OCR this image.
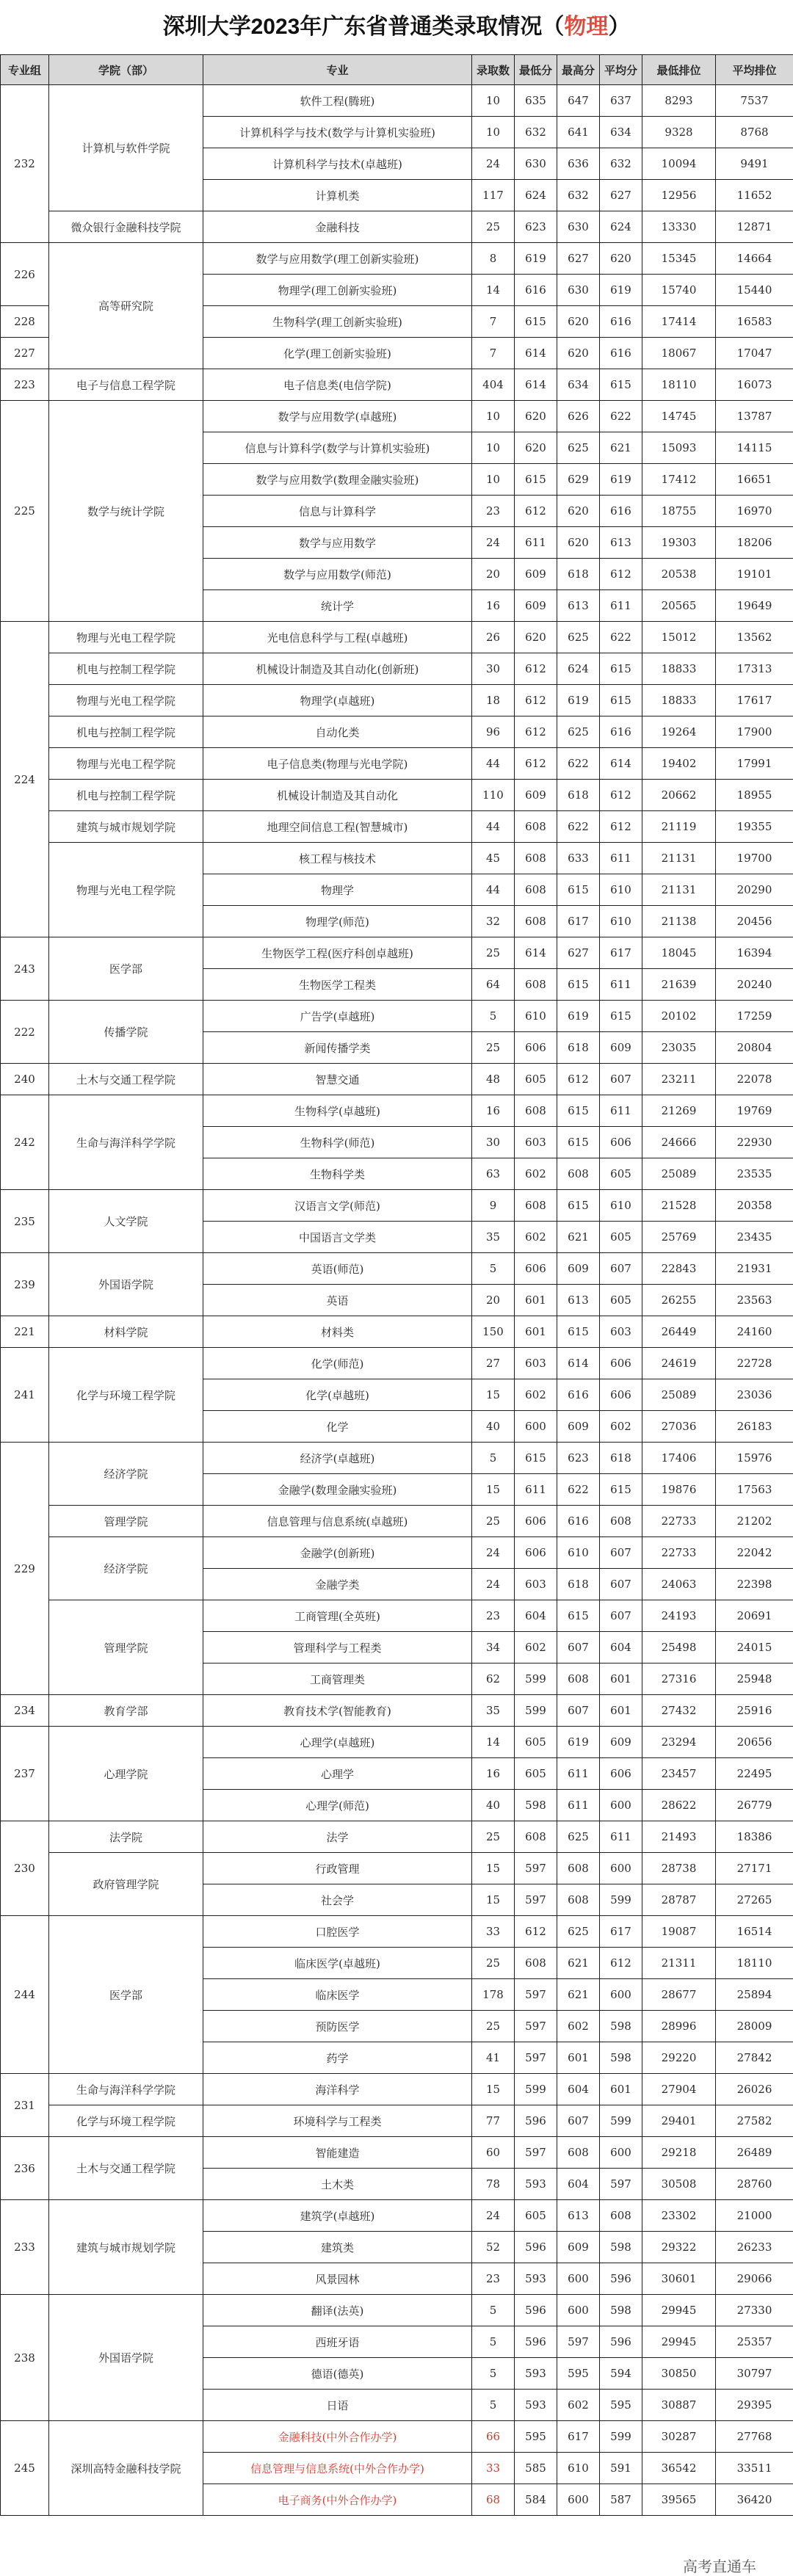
深圳大学2023年广东省普通类录取情况（物理）
专业组	学院（部）	专业	录取数	最低分	最高分	平均分	最低排位	平均排位
232	计算机与软件学院	软件工程(腾班)	10	635	647	637	8293	7537
		计算机科学与技术(数学与计算机实验班)	10	632	641	634	9328	8768
		计算机科学与技术(卓越班)	24	630	636	632	10094	9491
		计算机类	117	624	632	627	12956	11652
	微众银行金融科技学院	金融科技	25	623	630	624	13330	12871
226	高等研究院	数学与应用数学(理工创新实验班)	8	619	627	620	15345	14664
		物理学(理工创新实验班)	14	616	630	619	15740	15440
228		生物科学(理工创新实验班)	7	615	620	616	17414	16583
227		化学(理工创新实验班)	7	614	620	616	18067	17047
223	电子与信息工程学院	电子信息类(电信学院)	404	614	634	615	18110	16073
225	数学与统计学院	数学与应用数学(卓越班)	10	620	626	622	14745	13787
		信息与计算科学(数学与计算机实验班)	10	620	625	621	15093	14115
		数学与应用数学(数理金融实验班)	10	615	629	619	17412	16651
		信息与计算科学	23	612	620	616	18755	16970
		数学与应用数学	24	611	620	613	19303	18206
		数学与应用数学(师范)	20	609	618	612	20538	19101
		统计学	16	609	613	611	20565	19649
224	物理与光电工程学院	光电信息科学与工程(卓越班)	26	620	625	622	15012	13562
	机电与控制工程学院	机械设计制造及其自动化(创新班)	30	612	624	615	18833	17313
	物理与光电工程学院	物理学(卓越班)	18	612	619	615	18833	17617
	机电与控制工程学院	自动化类	96	612	625	616	19264	17900
	物理与光电工程学院	电子信息类(物理与光电学院)	44	612	622	614	19402	17991
	机电与控制工程学院	机械设计制造及其自动化	110	609	618	612	20662	18955
	建筑与城市规划学院	地理空间信息工程(智慧城市)	44	608	622	612	21119	19355
	物理与光电工程学院	核工程与核技术	45	608	633	611	21131	19700
		物理学	44	608	615	610	21131	20290
		物理学(师范)	32	608	617	610	21138	20456
243	医学部	生物医学工程(医疗科创卓越班)	25	614	627	617	18045	16394
		生物医学工程类	64	608	615	611	21639	20240
222	传播学院	广告学(卓越班)	5	610	619	615	20102	17259
		新闻传播学类	25	606	618	609	23035	20804
240	土木与交通工程学院	智慧交通	48	605	612	607	23211	22078
242	生命与海洋科学学院	生物科学(卓越班)	16	608	615	611	21269	19769
		生物科学(师范)	30	603	615	606	24666	22930
		生物科学类	63	602	608	605	25089	23535
235	人文学院	汉语言文学(师范)	9	608	615	610	21528	20358
		中国语言文学类	35	602	621	605	25769	23435
239	外国语学院	英语(师范)	5	606	609	607	22843	21931
		英语	20	601	613	605	26255	23563
221	材料学院	材料类	150	601	615	603	26449	24160
241	化学与环境工程学院	化学(师范)	27	603	614	606	24619	22728
		化学(卓越班)	15	602	616	606	25089	23036
		化学	40	600	609	602	27036	26183
229	经济学院	经济学(卓越班)	5	615	623	618	17406	15976
		金融学(数理金融实验班)	15	611	622	615	19876	17563
	管理学院	信息管理与信息系统(卓越班)	25	606	616	608	22733	21202
	经济学院	金融学(创新班)	24	606	610	607	22733	22042
		金融学类	24	603	618	607	24063	22398
	管理学院	工商管理(全英班)	23	604	615	607	24193	20691
		管理科学与工程类	34	602	607	604	25498	24015
		工商管理类	62	599	608	601	27316	25948
234	教育学部	教育技术学(智能教育)	35	599	607	601	27432	25916
237	心理学院	心理学(卓越班)	14	605	619	609	23294	20656
		心理学	16	605	611	606	23457	22495
		心理学(师范)	40	598	611	600	28622	26779
230	法学院	法学	25	608	625	611	21493	18386
	政府管理学院	行政管理	15	597	608	600	28738	27171
		社会学	15	597	608	599	28787	27265
244	医学部	口腔医学	33	612	625	617	19087	16514
		临床医学(卓越班)	25	608	621	612	21311	18110
		临床医学	178	597	621	600	28677	25894
		预防医学	25	597	602	598	28996	28009
		药学	41	597	601	598	29220	27842
231	生命与海洋科学学院	海洋科学	15	599	604	601	27904	26026
	化学与环境工程学院	环境科学与工程类	77	596	607	599	29401	27582
236	土木与交通工程学院	智能建造	60	597	608	600	29218	26489
		土木类	78	593	604	597	30508	28760
233	建筑与城市规划学院	建筑学(卓越班)	24	605	613	608	23302	21000
		建筑类	52	596	609	598	29322	26233
		风景园林	23	593	600	596	30601	29066
238	外国语学院	翻译(法英)	5	596	600	598	29945	27330
		西班牙语	5	596	597	596	29945	25357
		德语(德英)	5	593	595	594	30850	30797
		日语	5	593	602	595	30887	29395
245	深圳高特金融科技学院	金融科技(中外合作办学)	66	595	617	599	30287	27768
		信息管理与信息系统(中外合作办学)	33	585	610	591	36542	33511
		电子商务(中外合作办学)	68	584	600	587	39565	36420
高考直通车
